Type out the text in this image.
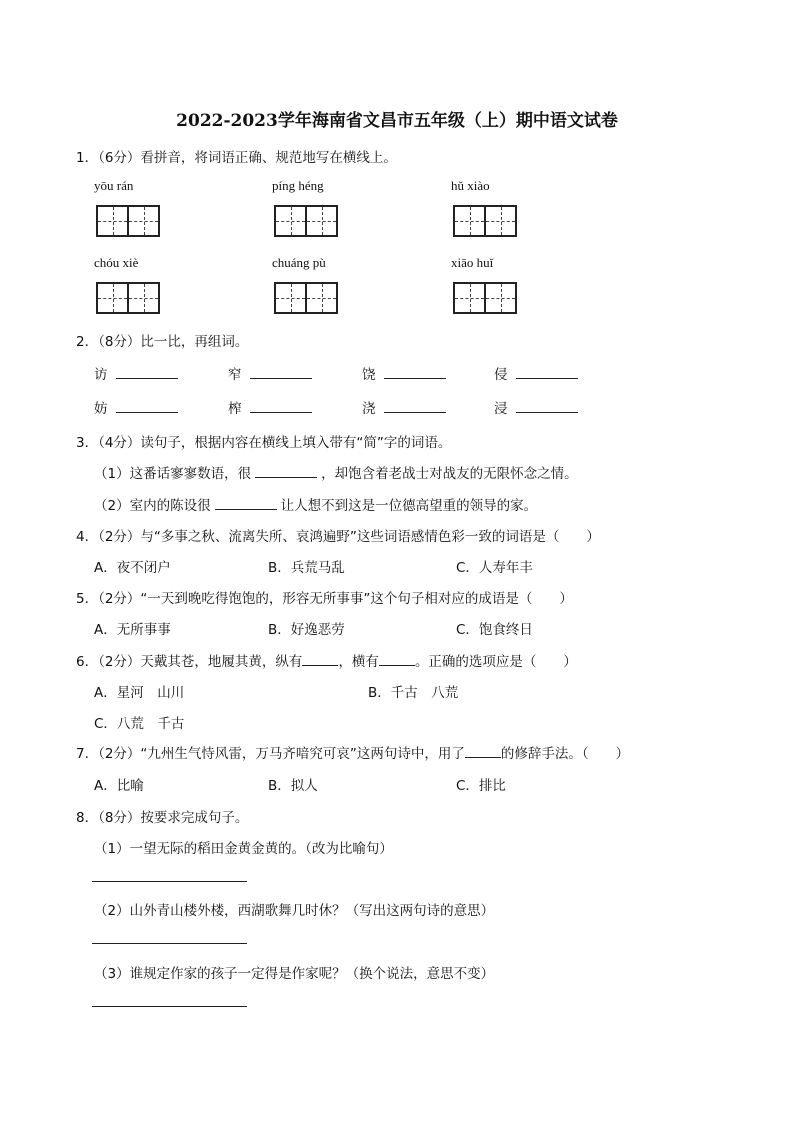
2022-2023学年海南省文昌市五年级（上）期中语文试卷
1．（6分）看拼音，将词语正确、规范地写在横线上。
yōu rán	píng héng	hǔ xiào
chóu xiè	chuáng pù	xiāo huǐ
2．（8分）比一比，再组词。
访	窄	饶	侵
妨	榨	浇	浸
3．（4分）读句子，根据内容在横线上填入带有“简”字的词语。
（1）这番话寥寥数语，很	，却饱含着老战士对战友的无限怀念之情。
（2）室内的陈设很	让人想不到这是一位德高望重的领导的家。
4．（2分）与“多事之秋、流离失所、哀鸿遍野”这些词语感情色彩一致的词语是（　　）
A．夜不闭户	B．兵荒马乱	C．人寿年丰
5．（2分）“一天到晚吃得饱饱的，形容无所事事”这个句子相对应的成语是（　　）
A．无所事事	B．好逸恶劳	C．饱食终日
6．（2分）天戴其苍，地履其黄，纵有	，横有	。正确的选项应是（　　）
A．星河　山川	B．千古　八荒
C．八荒　千古
7．（2分）“九州生气恃风雷，万马齐喑究可哀”这两句诗中，用了	的修辞手法。（　　）
A．比喻	B．拟人	C．排比
8．（8分）按要求完成句子。
（1）一望无际的稻田金黄金黄的。（改为比喻句）
（2）山外青山楼外楼，西湖歌舞几时休？（写出这两句诗的意思）
（3）谁规定作家的孩子一定得是作家呢？（换个说法，意思不变）
